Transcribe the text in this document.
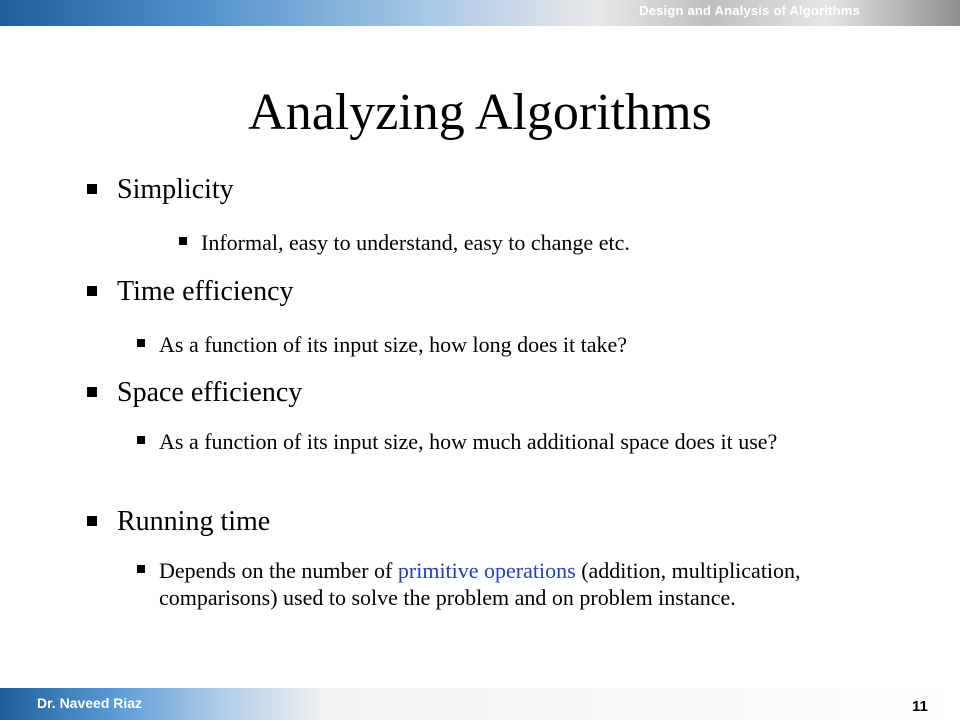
Design and Analysis of Algorithms
Analyzing Algorithms
Simplicity
Informal, easy to understand, easy to change etc.
Time efficiency
As a function of its input size, how long does it take?
Space efficiency
As a function of its input size, how much additional space does it use?
Running time
Depends on the number of primitive operations (addition, multiplication, comparisons) used to solve the problem and on problem instance.
Dr. Naveed Riaz	11
